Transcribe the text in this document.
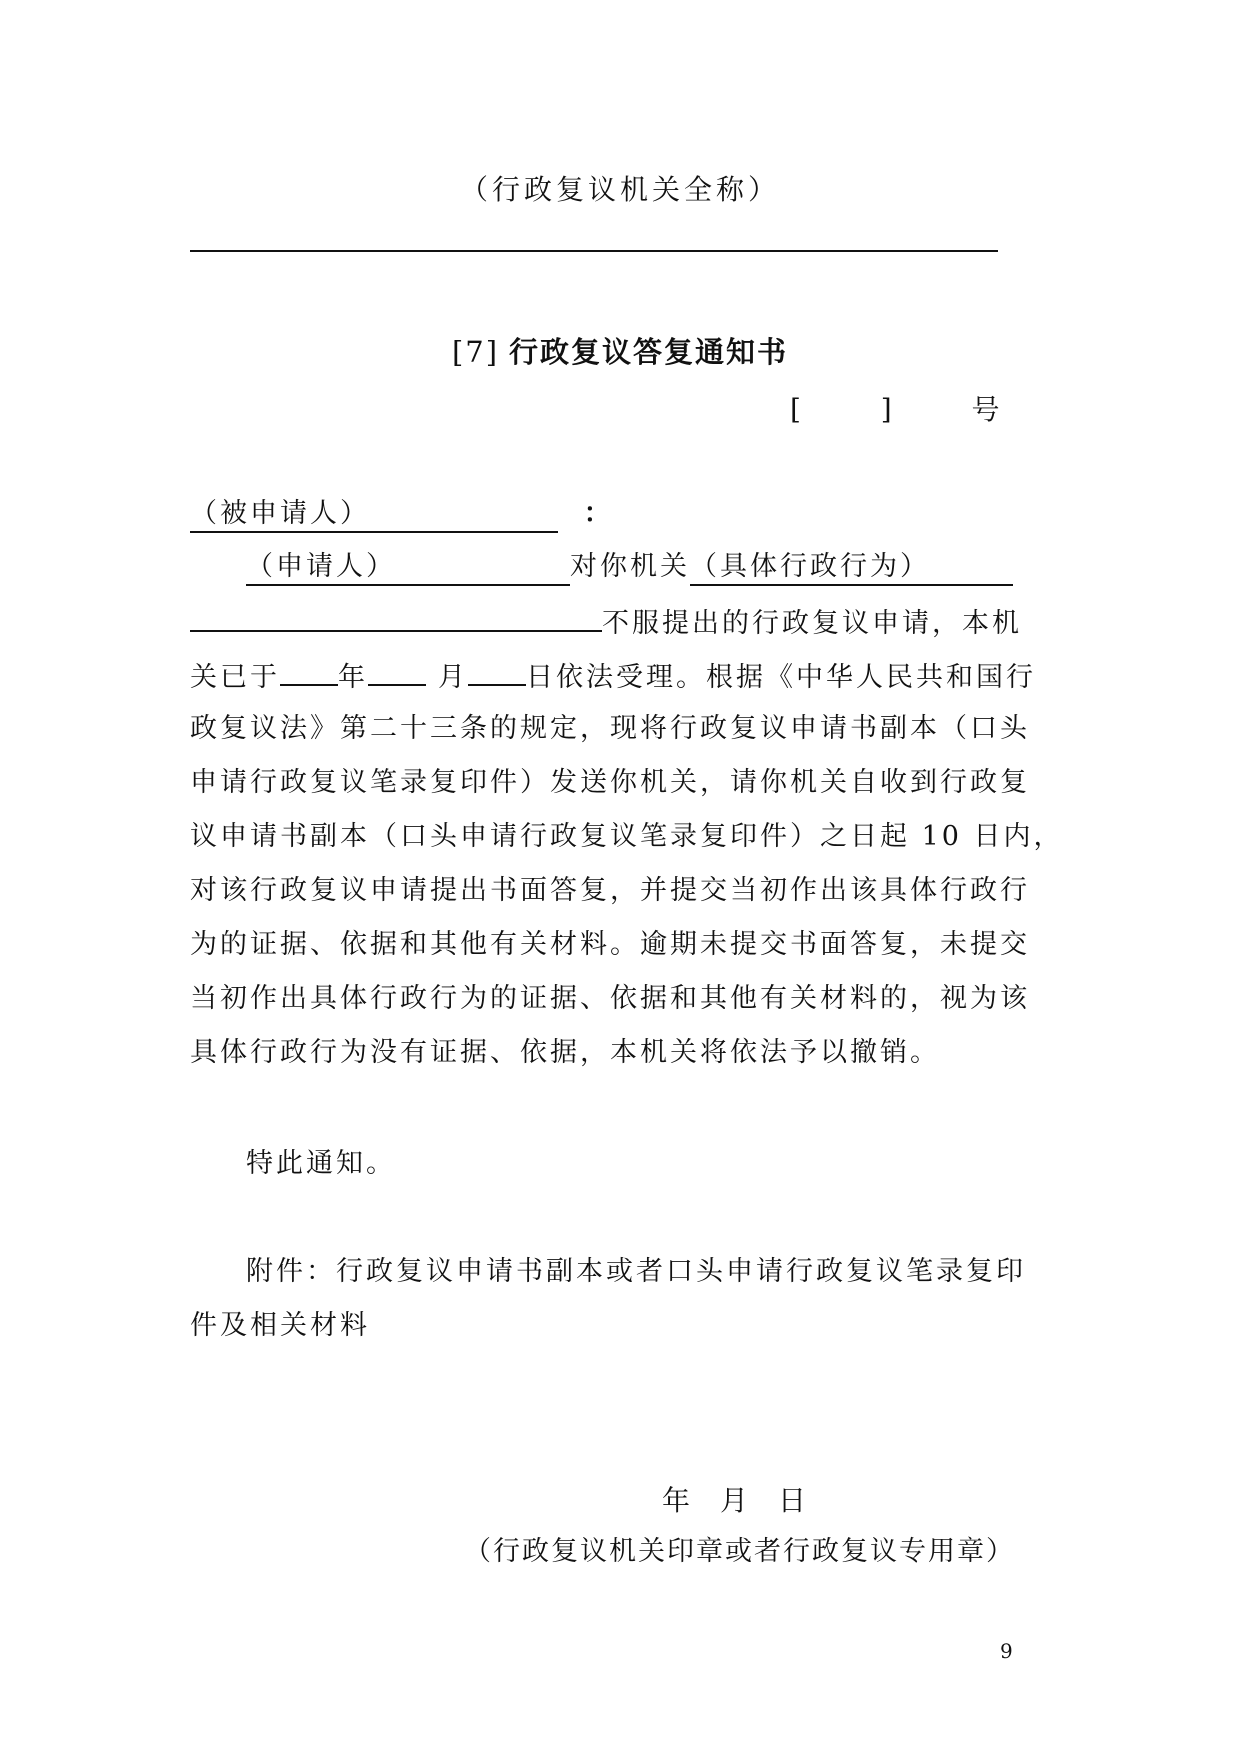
（行政复议机关全称）
[7] 行政复议答复通知书
[	]	号
（被申请人）	：
（申请人）	对你机关（具体行政行为）
不服提出的行政复议申请，本机
关已于 年	月 日依法受理。根据《中华人民共和国行
政复议法》第二十三条的规定，现将行政复议申请书副本（口头
申请行政复议笔录复印件）发送你机关，请你机关自收到行政复
议申请书副本（口头申请行政复议笔录复印件）之日起 10 日内，
对该行政复议申请提出书面答复，并提交当初作出该具体行政行
为的证据、依据和其他有关材料。逾期未提交书面答复，未提交
当初作出具体行政行为的证据、依据和其他有关材料的，视为该
具体行政行为没有证据、依据，本机关将依法予以撤销。
特此通知。
附件：行政复议申请书副本或者口头申请行政复议笔录复印
件及相关材料
年 月 日
（行政复议机关印章或者行政复议专用章）
9
